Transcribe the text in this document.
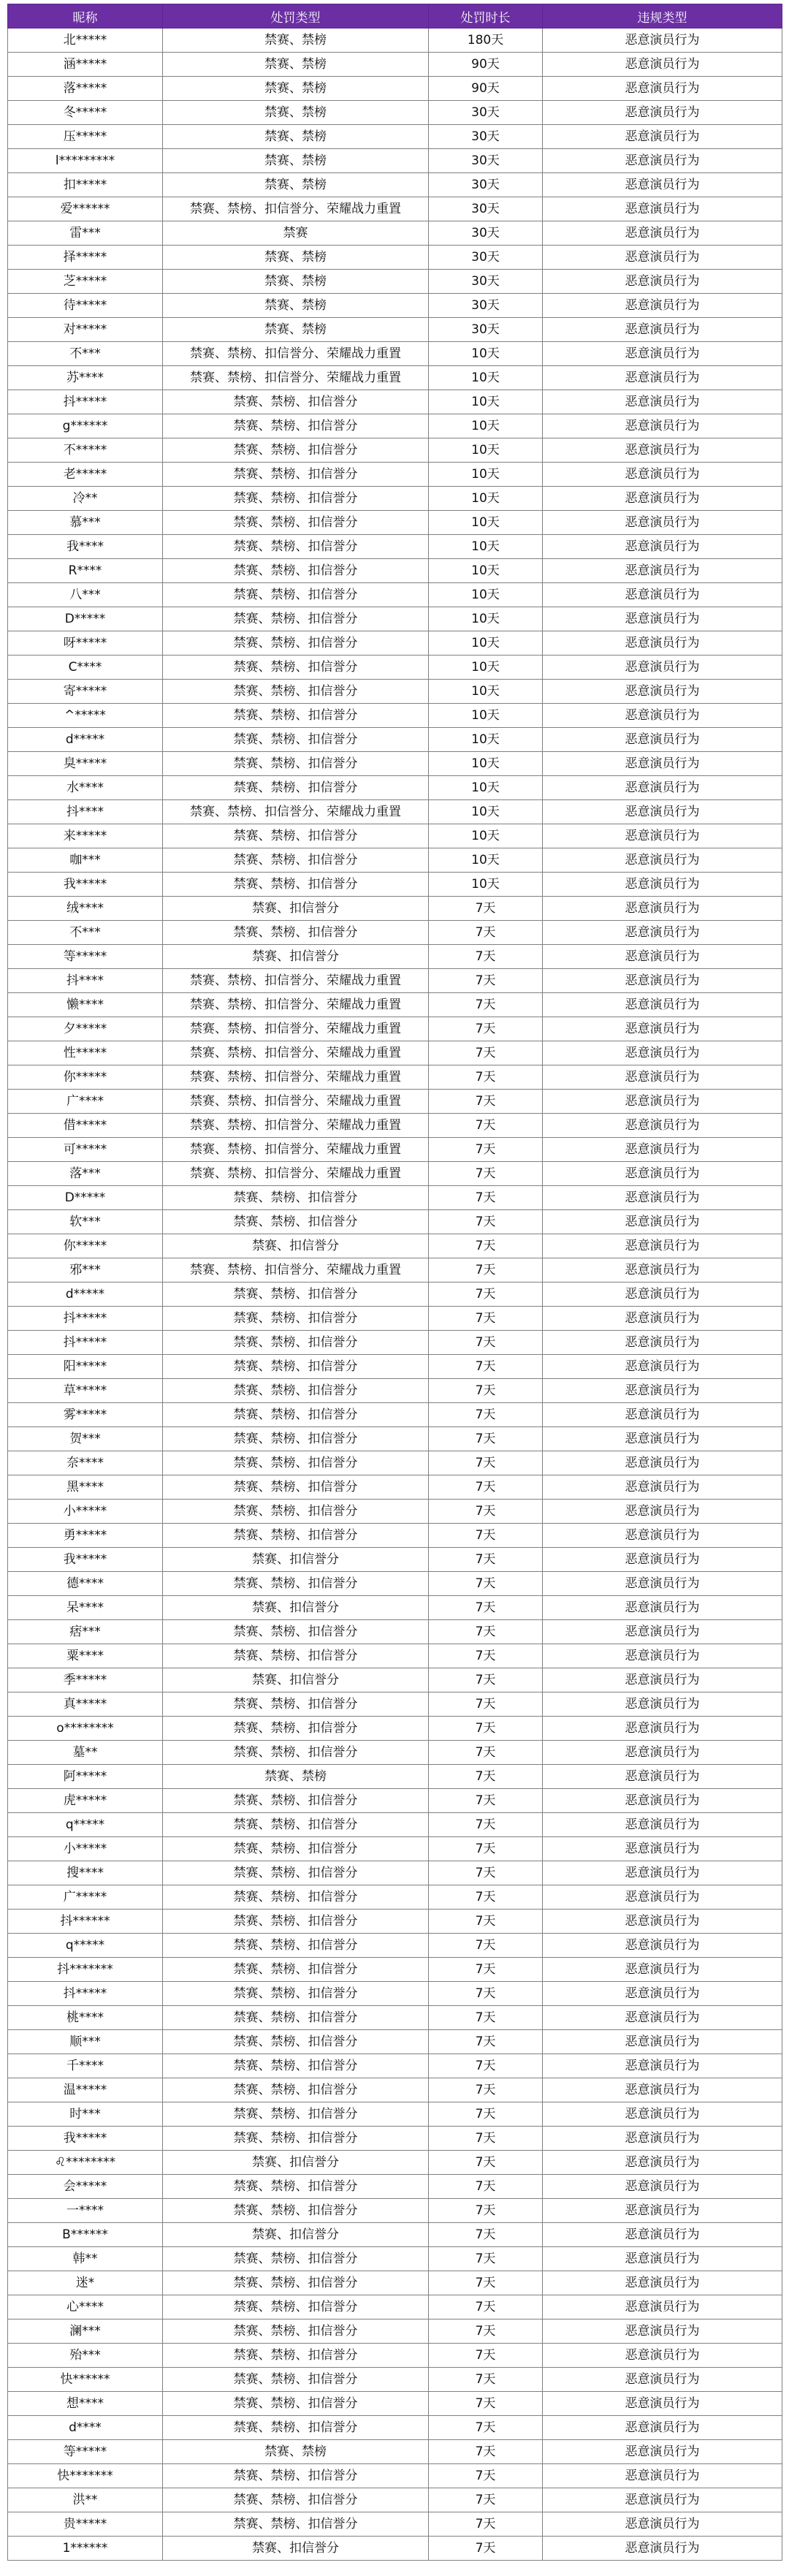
昵称	处罚类型	处罚时长	违规类型
北*****	禁赛、禁榜	180天	恶意演员行为
涵*****	禁赛、禁榜	90天	恶意演员行为
落*****	禁赛、禁榜	90天	恶意演员行为
冬*****	禁赛、禁榜	30天	恶意演员行为
压*****	禁赛、禁榜	30天	恶意演员行为
l*********	禁赛、禁榜	30天	恶意演员行为
扣*****	禁赛、禁榜	30天	恶意演员行为
爱******	禁赛、禁榜、扣信誉分、荣耀战力重置	30天	恶意演员行为
雷***	禁赛	30天	恶意演员行为
择*****	禁赛、禁榜	30天	恶意演员行为
芝*****	禁赛、禁榜	30天	恶意演员行为
待*****	禁赛、禁榜	30天	恶意演员行为
对*****	禁赛、禁榜	30天	恶意演员行为
不***	禁赛、禁榜、扣信誉分、荣耀战力重置	10天	恶意演员行为
苏****	禁赛、禁榜、扣信誉分、荣耀战力重置	10天	恶意演员行为
抖*****	禁赛、禁榜、扣信誉分	10天	恶意演员行为
g******	禁赛、禁榜、扣信誉分	10天	恶意演员行为
不*****	禁赛、禁榜、扣信誉分	10天	恶意演员行为
老*****	禁赛、禁榜、扣信誉分	10天	恶意演员行为
冷**	禁赛、禁榜、扣信誉分	10天	恶意演员行为
慕***	禁赛、禁榜、扣信誉分	10天	恶意演员行为
我****	禁赛、禁榜、扣信誉分	10天	恶意演员行为
R****	禁赛、禁榜、扣信誉分	10天	恶意演员行为
八***	禁赛、禁榜、扣信誉分	10天	恶意演员行为
D*****	禁赛、禁榜、扣信誉分	10天	恶意演员行为
呀*****	禁赛、禁榜、扣信誉分	10天	恶意演员行为
C****	禁赛、禁榜、扣信誉分	10天	恶意演员行为
寄*****	禁赛、禁榜、扣信誉分	10天	恶意演员行为
^*****	禁赛、禁榜、扣信誉分	10天	恶意演员行为
d*****	禁赛、禁榜、扣信誉分	10天	恶意演员行为
臭*****	禁赛、禁榜、扣信誉分	10天	恶意演员行为
水****	禁赛、禁榜、扣信誉分	10天	恶意演员行为
抖****	禁赛、禁榜、扣信誉分、荣耀战力重置	10天	恶意演员行为
来*****	禁赛、禁榜、扣信誉分	10天	恶意演员行为
咖***	禁赛、禁榜、扣信誉分	10天	恶意演员行为
我*****	禁赛、禁榜、扣信誉分	10天	恶意演员行为
绒****	禁赛、扣信誉分	7天	恶意演员行为
不***	禁赛、禁榜、扣信誉分	7天	恶意演员行为
等*****	禁赛、扣信誉分	7天	恶意演员行为
抖****	禁赛、禁榜、扣信誉分、荣耀战力重置	7天	恶意演员行为
懒****	禁赛、禁榜、扣信誉分、荣耀战力重置	7天	恶意演员行为
夕*****	禁赛、禁榜、扣信誉分、荣耀战力重置	7天	恶意演员行为
性*****	禁赛、禁榜、扣信誉分、荣耀战力重置	7天	恶意演员行为
你*****	禁赛、禁榜、扣信誉分、荣耀战力重置	7天	恶意演员行为
广****	禁赛、禁榜、扣信誉分、荣耀战力重置	7天	恶意演员行为
借*****	禁赛、禁榜、扣信誉分、荣耀战力重置	7天	恶意演员行为
可*****	禁赛、禁榜、扣信誉分、荣耀战力重置	7天	恶意演员行为
落***	禁赛、禁榜、扣信誉分、荣耀战力重置	7天	恶意演员行为
D*****	禁赛、禁榜、扣信誉分	7天	恶意演员行为
软***	禁赛、禁榜、扣信誉分	7天	恶意演员行为
你*****	禁赛、扣信誉分	7天	恶意演员行为
邪***	禁赛、禁榜、扣信誉分、荣耀战力重置	7天	恶意演员行为
d*****	禁赛、禁榜、扣信誉分	7天	恶意演员行为
抖*****	禁赛、禁榜、扣信誉分	7天	恶意演员行为
抖*****	禁赛、禁榜、扣信誉分	7天	恶意演员行为
阳*****	禁赛、禁榜、扣信誉分	7天	恶意演员行为
草*****	禁赛、禁榜、扣信誉分	7天	恶意演员行为
雾*****	禁赛、禁榜、扣信誉分	7天	恶意演员行为
贺***	禁赛、禁榜、扣信誉分	7天	恶意演员行为
奈****	禁赛、禁榜、扣信誉分	7天	恶意演员行为
黑****	禁赛、禁榜、扣信誉分	7天	恶意演员行为
小*****	禁赛、禁榜、扣信誉分	7天	恶意演员行为
勇*****	禁赛、禁榜、扣信誉分	7天	恶意演员行为
我*****	禁赛、扣信誉分	7天	恶意演员行为
德****	禁赛、禁榜、扣信誉分	7天	恶意演员行为
呆****	禁赛、扣信誉分	7天	恶意演员行为
痞***	禁赛、禁榜、扣信誉分	7天	恶意演员行为
粟****	禁赛、禁榜、扣信誉分	7天	恶意演员行为
季*****	禁赛、扣信誉分	7天	恶意演员行为
真*****	禁赛、禁榜、扣信誉分	7天	恶意演员行为
o********	禁赛、禁榜、扣信誉分	7天	恶意演员行为
墓**	禁赛、禁榜、扣信誉分	7天	恶意演员行为
阿*****	禁赛、禁榜	7天	恶意演员行为
虎*****	禁赛、禁榜、扣信誉分	7天	恶意演员行为
q*****	禁赛、禁榜、扣信誉分	7天	恶意演员行为
小*****	禁赛、禁榜、扣信誉分	7天	恶意演员行为
搜****	禁赛、禁榜、扣信誉分	7天	恶意演员行为
广*****	禁赛、禁榜、扣信誉分	7天	恶意演员行为
抖******	禁赛、禁榜、扣信誉分	7天	恶意演员行为
q*****	禁赛、禁榜、扣信誉分	7天	恶意演员行为
抖*******	禁赛、禁榜、扣信誉分	7天	恶意演员行为
抖*****	禁赛、禁榜、扣信誉分	7天	恶意演员行为
桃****	禁赛、禁榜、扣信誉分	7天	恶意演员行为
顺***	禁赛、禁榜、扣信誉分	7天	恶意演员行为
千****	禁赛、禁榜、扣信誉分	7天	恶意演员行为
温*****	禁赛、禁榜、扣信誉分	7天	恶意演员行为
时***	禁赛、禁榜、扣信誉分	7天	恶意演员行为
我*****	禁赛、禁榜、扣信誉分	7天	恶意演员行为
♌********	禁赛、扣信誉分	7天	恶意演员行为
会*****	禁赛、禁榜、扣信誉分	7天	恶意演员行为
一****	禁赛、禁榜、扣信誉分	7天	恶意演员行为
B******	禁赛、扣信誉分	7天	恶意演员行为
韩**	禁赛、禁榜、扣信誉分	7天	恶意演员行为
迷*	禁赛、禁榜、扣信誉分	7天	恶意演员行为
心****	禁赛、禁榜、扣信誉分	7天	恶意演员行为
澜***	禁赛、禁榜、扣信誉分	7天	恶意演员行为
殆***	禁赛、禁榜、扣信誉分	7天	恶意演员行为
快******	禁赛、禁榜、扣信誉分	7天	恶意演员行为
想****	禁赛、禁榜、扣信誉分	7天	恶意演员行为
d****	禁赛、禁榜、扣信誉分	7天	恶意演员行为
等*****	禁赛、禁榜	7天	恶意演员行为
快*******	禁赛、禁榜、扣信誉分	7天	恶意演员行为
洪**	禁赛、禁榜、扣信誉分	7天	恶意演员行为
贵*****	禁赛、禁榜、扣信誉分	7天	恶意演员行为
1******	禁赛、扣信誉分	7天	恶意演员行为
